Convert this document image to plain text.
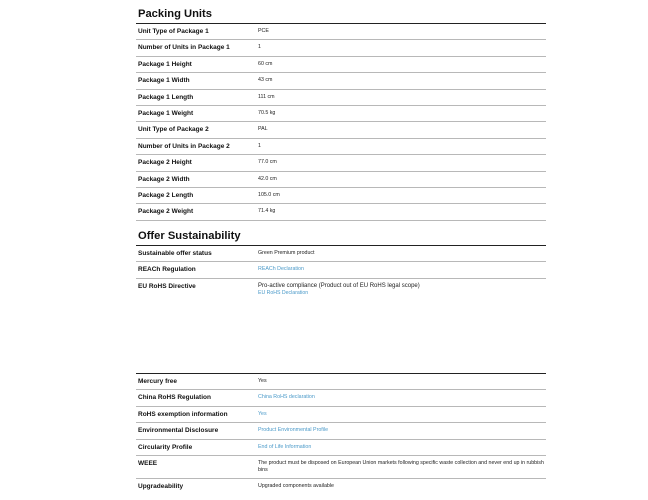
Packing Units
Unit Type of Package 1	PCE
Number of Units in Package 1	1
Package 1 Height	60 cm
Package 1 Width	43 cm
Package 1 Length	111 cm
Package 1 Weight	70.5 kg
Unit Type of Package 2	PAL
Number of Units in Package 2	1
Package 2 Height	77.0 cm
Package 2 Width	42.0 cm
Package 2 Length	105.0 cm
Package 2 Weight	71.4 kg
Offer Sustainability
Sustainable offer status	Green Premium product
REACh Regulation	REACh Declaration
EU RoHS Directive	Pro-active compliance (Product out of EU RoHS legal scope)
EU RoHS Declaration
Mercury free	Yes
China RoHS Regulation	China RoHS declaration
RoHS exemption information	Yes
Environmental Disclosure	Product Environmental Profile
Circularity Profile	End of Life Information
WEEE	The product must be disposed on European Union markets following specific waste collection and never end up in rubbish bins
Upgradeability	Upgraded components available
